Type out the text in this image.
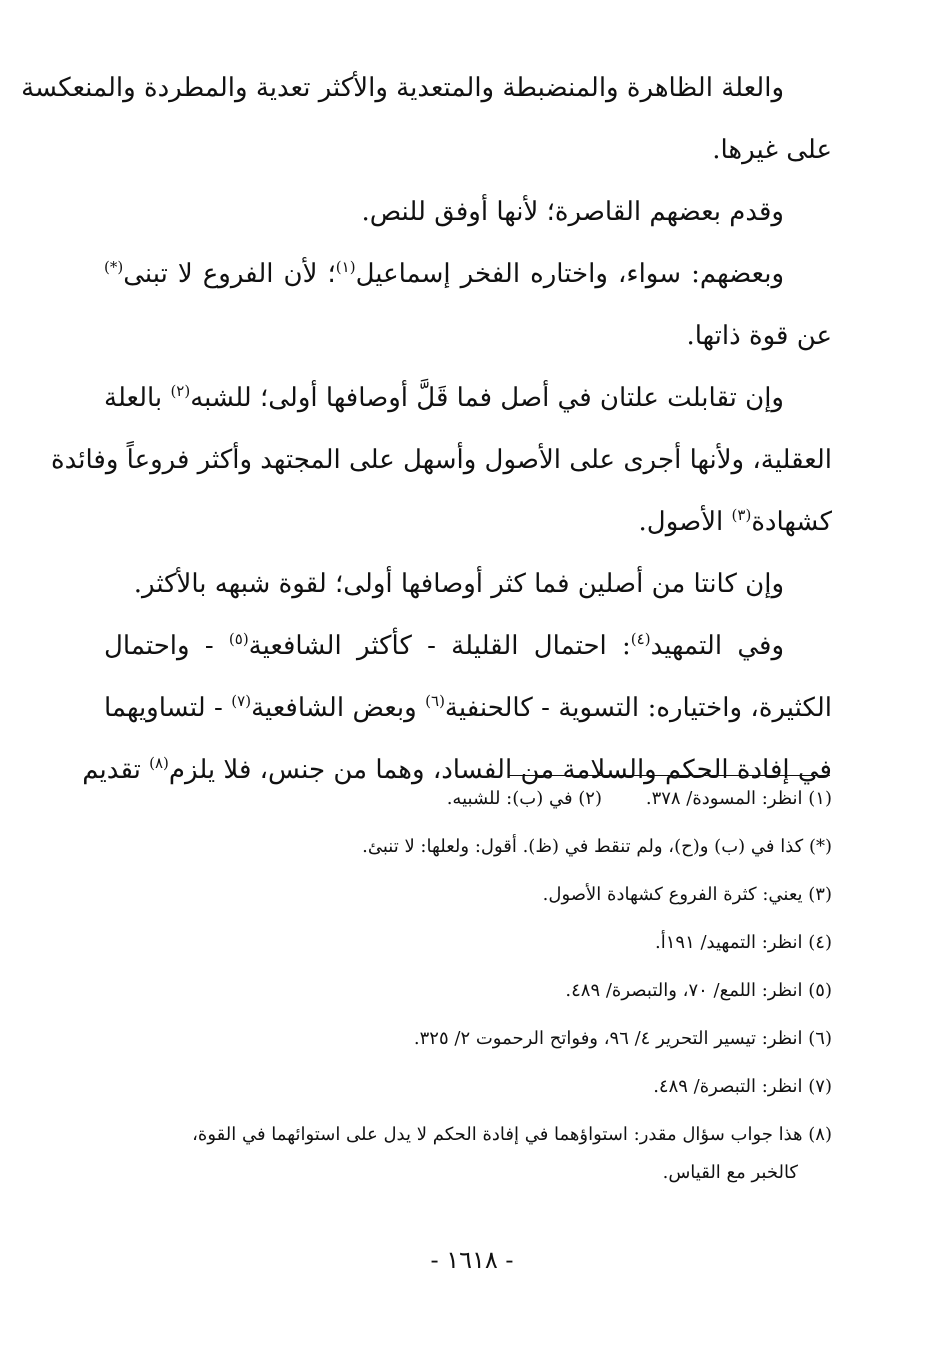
والعلة الظاهرة والمنضبطة والمتعدية والأكثر تعدية والمطردة والمنعكسة
على غيرها.
وقدم بعضهم القاصرة؛ لأنها أوفق للنص.
وبعضهم: سواء، واختاره الفخر إسماعيل$^{(١)}$؛ لأن الفروع لا تبنى(*)
عن قوة ذاتها.
وإن تقابلت علتان في أصل فما قَلَّ أوصافها أولى؛ للشبه$^{(٢)}$ بالعلة
العقلية، ولأنها أجرى على الأصول وأسهل على المجتهد وأكثر فروعاً وفائدة
كشهادة$^{(٣)}$ الأصول.
وإن كانتا من أصلين فما كثر أوصافها أولى؛ لقوة شبهه بالأكثر.
وفي التمهيد$^{(٤)}$: احتمال القليلة - كأكثر الشافعية$^{(٥)}$ - واحتمال
الكثيرة، واختياره: التسوية - كالحنفية$^{(٦)}$ وبعض الشافعية$^{(٧)}$ - لتساويهما
في إفادة الحكم والسلامة من الفساد، وهما من جنس، فلا يلزم$^{(٨)}$ تقديم
(١) انظر: المسودة/ ٣٧٨.
(٢) في (ب): للشبيه.
(*) كذا في (ب) و(ح)، ولم تنقط في (ظ). أقول: ولعلها: لا تنبئ.
(٣) يعني: كثرة الفروع كشهادة الأصول.
(٤) انظر: التمهيد/ ١٩١أ.
(٥) انظر: اللمع/ ٧٠، والتبصرة/ ٤٨٩.
(٦) انظر: تيسير التحرير ٤/ ٩٦، وفواتح الرحموت ٢/ ٣٢٥.
(٧) انظر: التبصرة/ ٤٨٩.
(٨) هذا جواب سؤال مقدر: استواؤهما في إفادة الحكم لا يدل على استوائهما في القوة،
كالخبر مع القياس.
- ١٦١٨ -
